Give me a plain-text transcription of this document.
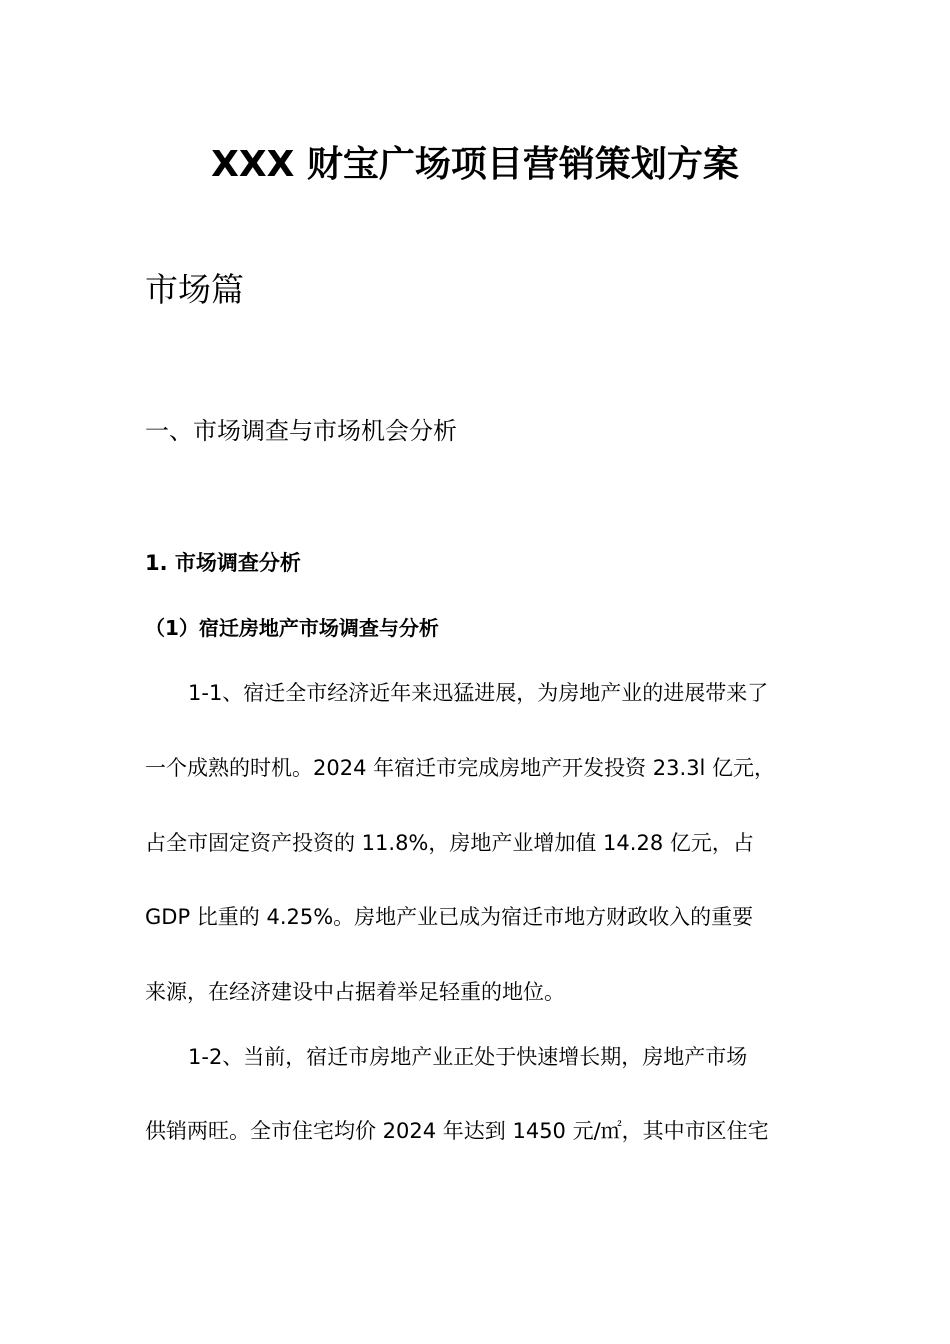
XXX 财宝广场项目营销策划方案
市场篇
一、市场调查与市场机会分析
1. 市场调查分析
（1）宿迁房地产市场调查与分析
1-1、宿迁全市经济近年来迅猛进展，为房地产业的进展带来了
一个成熟的时机。2024 年宿迁市完成房地产开发投资 23.3l 亿元，
占全市固定资产投资的 11.8%，房地产业增加值 14.28 亿元，占
GDP 比重的 4.25%。房地产业已成为宿迁市地方财政收入的重要
来源，在经济建设中占据着举足轻重的地位。
1-2、当前，宿迁市房地产业正处于快速增长期，房地产市场
供销两旺。全市住宅均价 2024 年达到 1450 元/㎡，其中市区住宅
